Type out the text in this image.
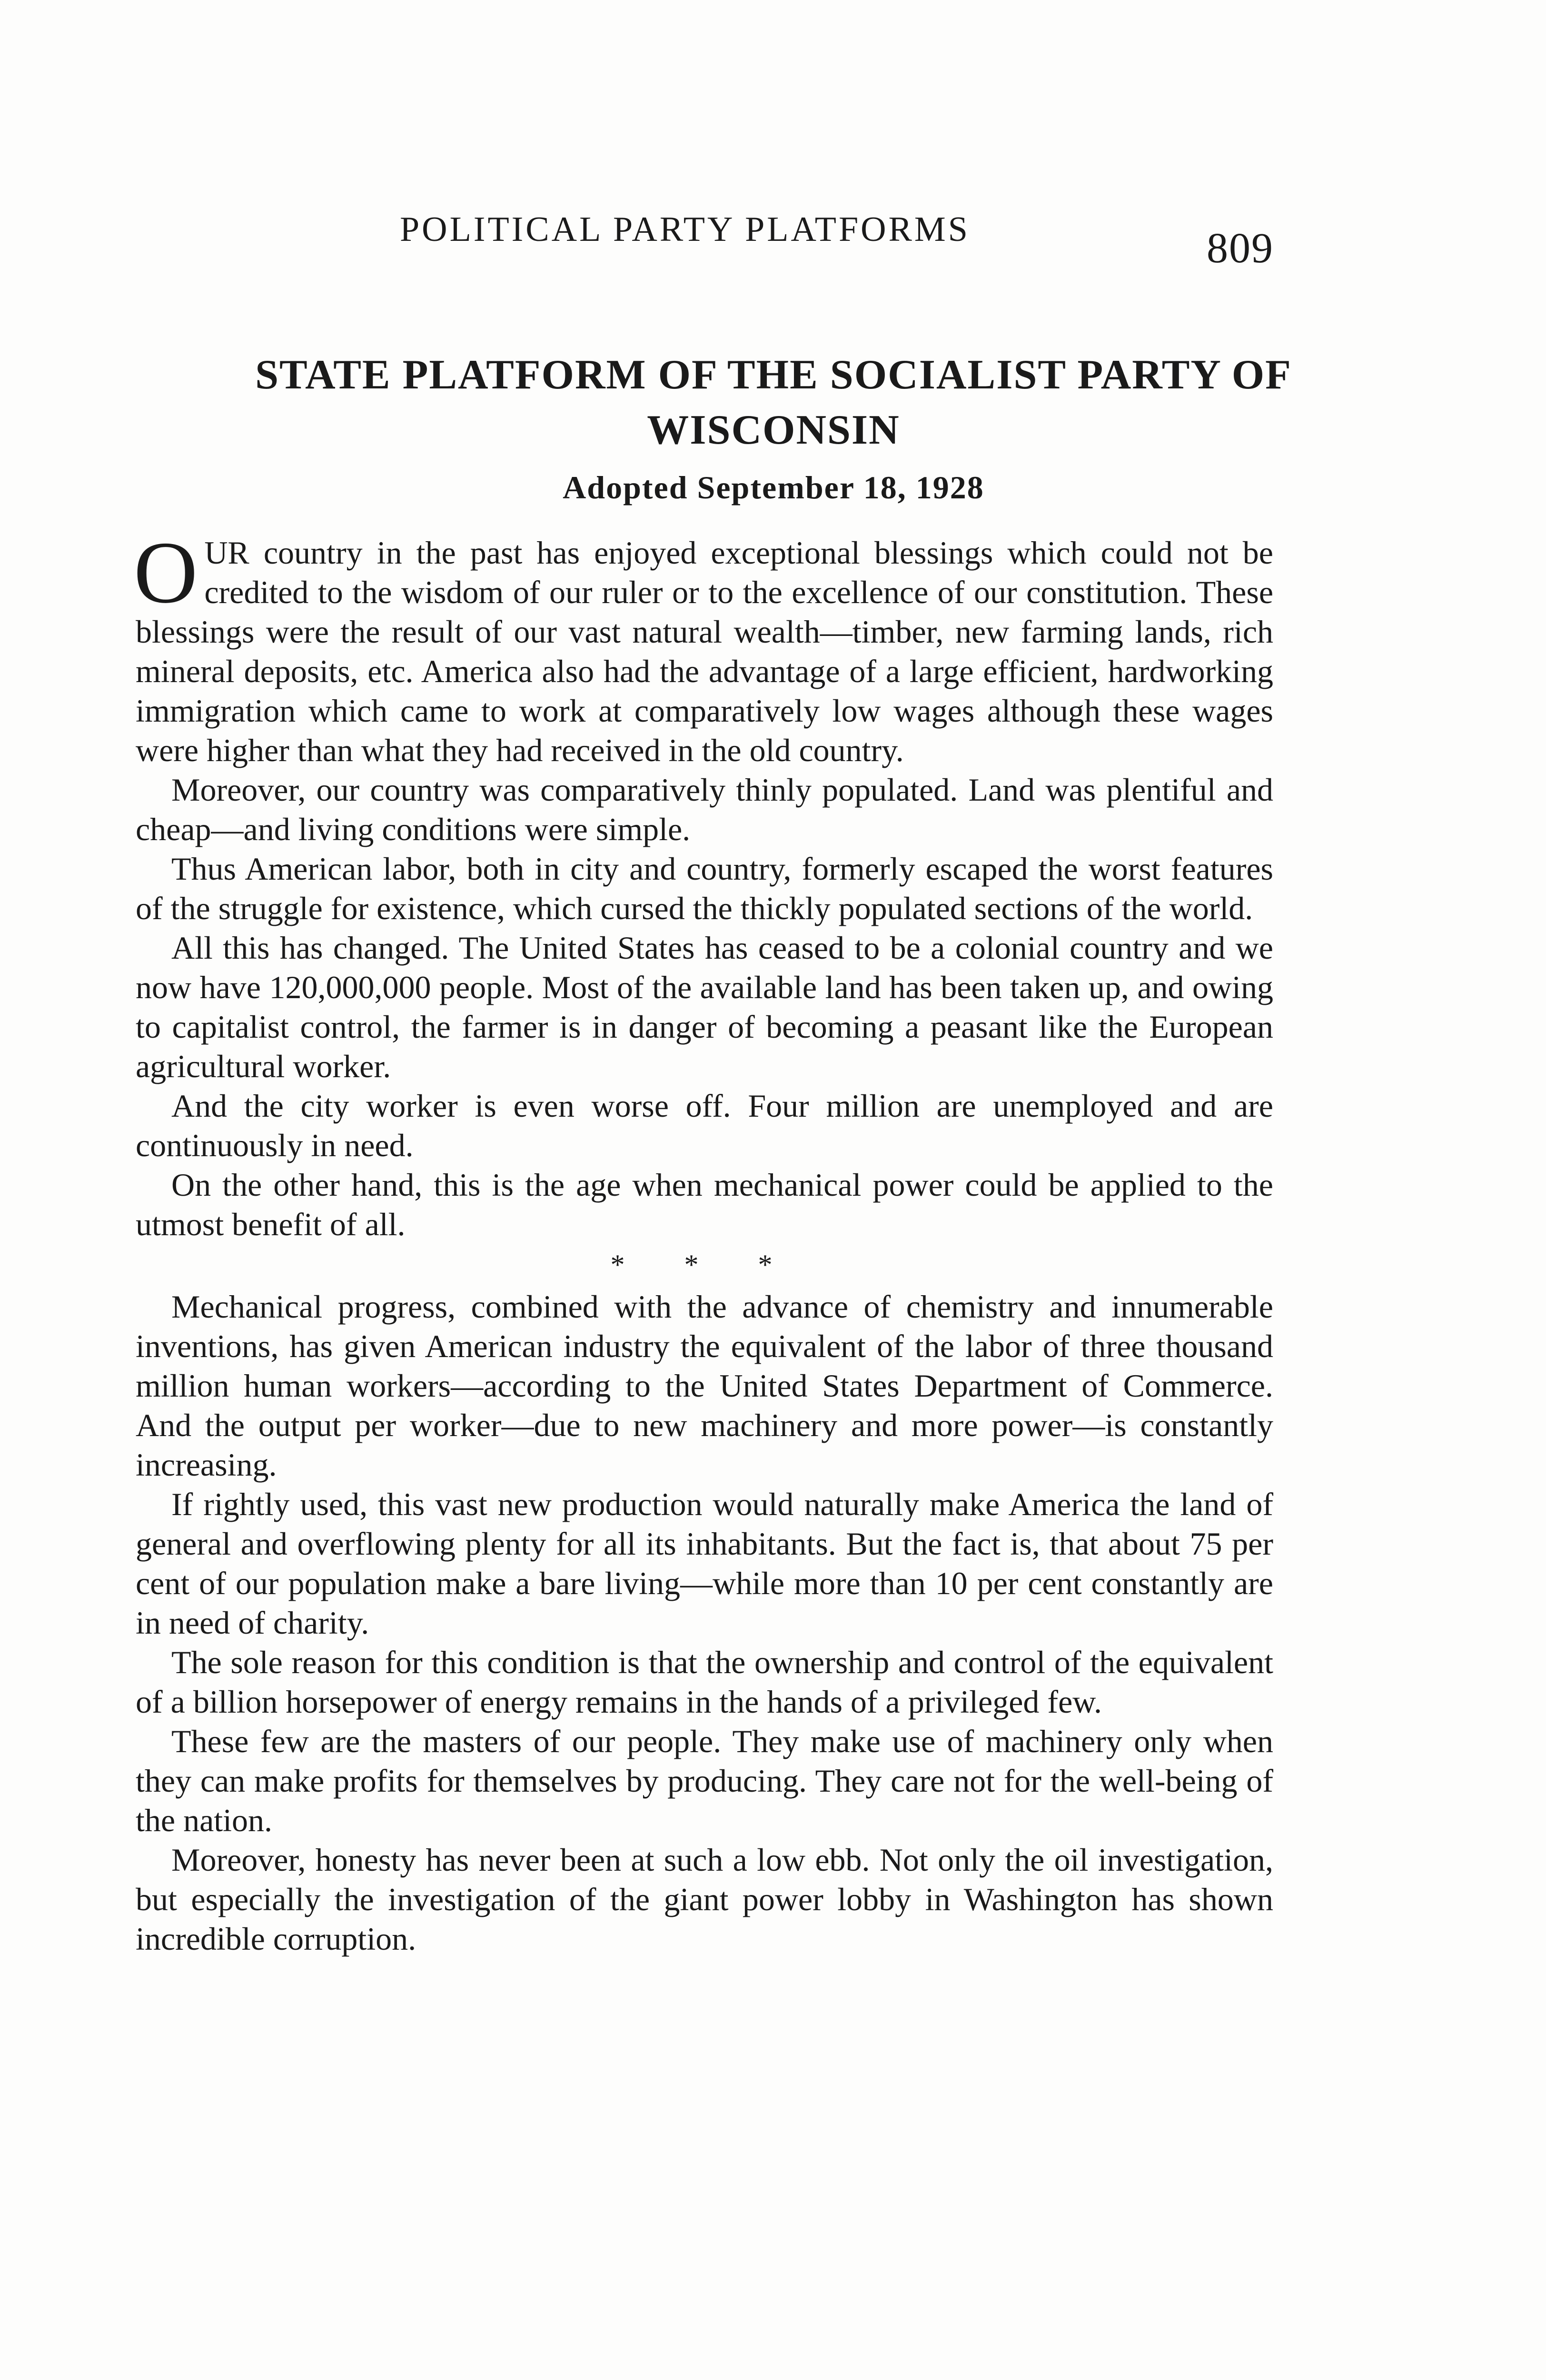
POLITICAL PARTY PLATFORMS	809
STATE PLATFORM OF THE SOCIALIST PARTY OF WISCONSIN
Adopted September 18, 1928

OUR country in the past has enjoyed exceptional blessings which could not be credited to the wisdom of our ruler or to the excellence of our constitution. These blessings were the result of our vast natural wealth—timber, new farming lands, rich mineral deposits, etc. America also had the advantage of a large efficient, hardworking immigration which came to work at comparatively low wages although these wages were higher than what they had received in the old country.

Moreover, our country was comparatively thinly populated. Land was plentiful and cheap—and living conditions were simple.

Thus American labor, both in city and country, formerly escaped the worst features of the struggle for existence, which cursed the thickly populated sections of the world.

All this has changed. The United States has ceased to be a colonial country and we now have 120,000,000 people. Most of the available land has been taken up, and owing to capitalist control, the farmer is in danger of becoming a peasant like the European agricultural worker.

And the city worker is even worse off. Four million are unemployed and are continuously in need.

On the other hand, this is the age when mechanical power could be applied to the utmost benefit of all.

* * *

Mechanical progress, combined with the advance of chemistry and innumerable inventions, has given American industry the equivalent of the labor of three thousand million human workers—according to the United States Department of Commerce. And the output per worker—due to new machinery and more power—is constantly increasing.

If rightly used, this vast new production would naturally make America the land of general and overflowing plenty for all its inhabitants. But the fact is, that about 75 per cent of our population make a bare living—while more than 10 per cent constantly are in need of charity.

The sole reason for this condition is that the ownership and control of the equivalent of a billion horsepower of energy remains in the hands of a privileged few.

These few are the masters of our people. They make use of machinery only when they can make profits for themselves by producing. They care not for the well-being of the nation.

Moreover, honesty has never been at such a low ebb. Not only the oil investigation, but especially the investigation of the giant power lobby in Washington has shown incredible corruption.
